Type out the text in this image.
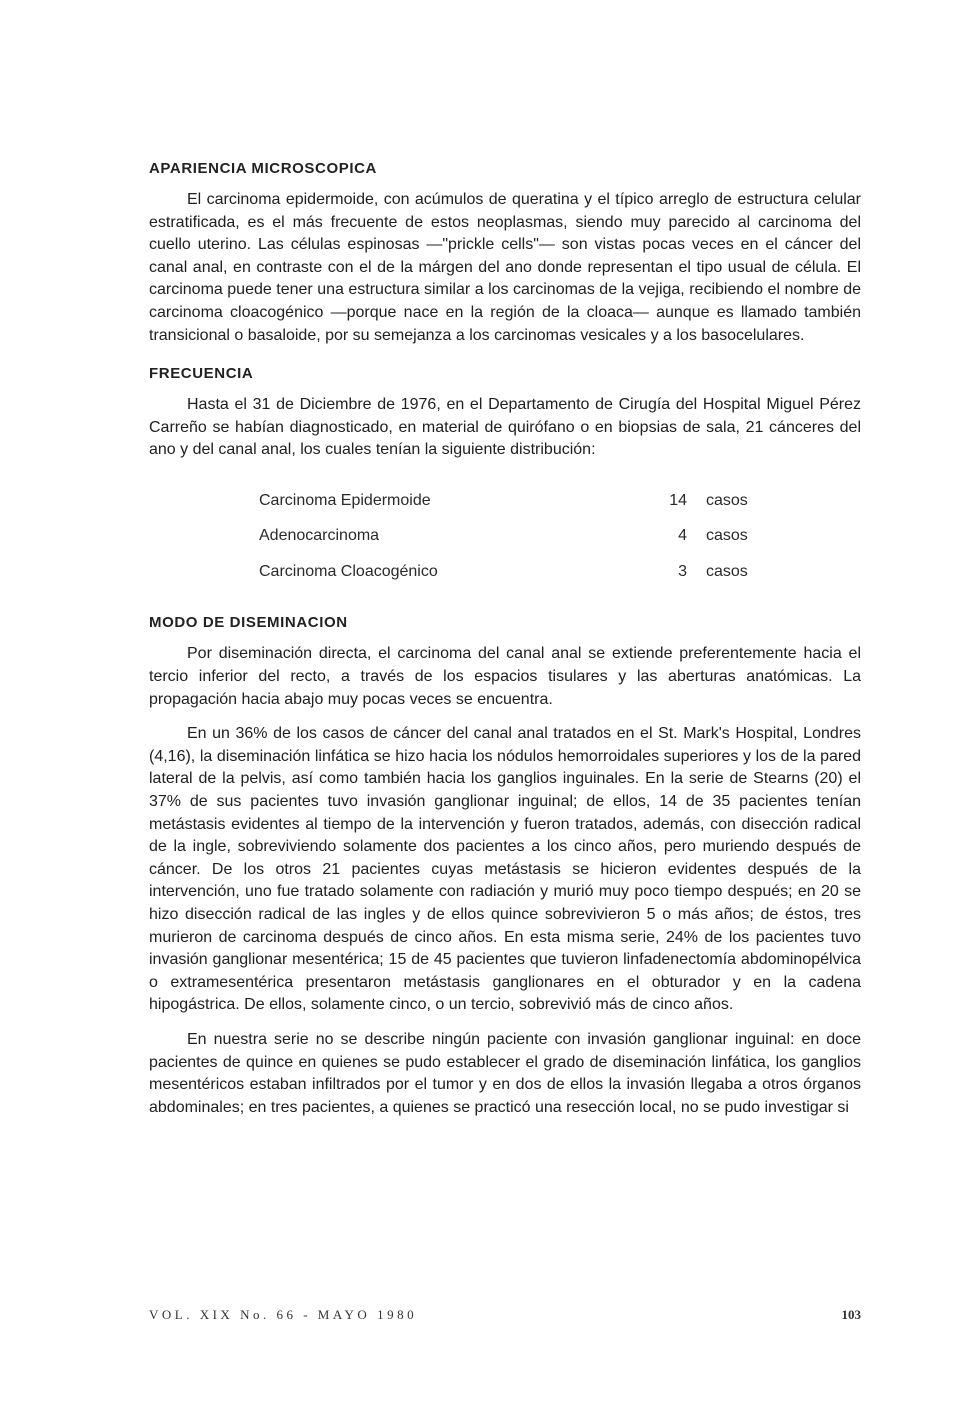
APARIENCIA MICROSCOPICA

El carcinoma epidermoide, con acúmulos de queratina y el típico arreglo de estructura celular estratificada, es el más frecuente de estos neoplasmas, siendo muy parecido al carcinoma del cuello uterino. Las células espinosas —"prickle cells"— son vistas pocas veces en el cáncer del canal anal, en contraste con el de la márgen del ano donde representan el tipo usual de célula. El carcinoma puede tener una estructura similar a los carcinomas de la vejiga, recibiendo el nombre de carcinoma cloacogénico —porque nace en la región de la cloaca— aunque es llamado también transicional o basaloide, por su semejanza a los carcinomas vesicales y a los basocelulares.

FRECUENCIA

Hasta el 31 de Diciembre de 1976, en el Departamento de Cirugía del Hospital Miguel Pérez Carreño se habían diagnosticado, en material de quirófano o en biopsias de sala, 21 cánceres del ano y del canal anal, los cuales tenían la siguiente distribución:

Carcinoma Epidermoide	14 casos
Adenocarcinoma	4 casos
Carcinoma Cloacogénico	3 casos
MODO DE DISEMINACION

Por diseminación directa, el carcinoma del canal anal se extiende preferentemente hacia el tercio inferior del recto, a través de los espacios tisulares y las aberturas anatómicas. La propagación hacia abajo muy pocas veces se encuentra.

En un 36% de los casos de cáncer del canal anal tratados en el St. Mark's Hospital, Londres (4,16), la diseminación linfática se hizo hacia los nódulos hemorroidales superiores y los de la pared lateral de la pelvis, así como también hacia los ganglios inguinales. En la serie de Stearns (20) el 37% de sus pacientes tuvo invasión ganglionar inguinal; de ellos, 14 de 35 pacientes tenían metástasis evidentes al tiempo de la intervención y fueron tratados, además, con disección radical de la ingle, sobreviviendo solamente dos pacientes a los cinco años, pero muriendo después de cáncer. De los otros 21 pacientes cuyas metástasis se hicieron evidentes después de la intervención, uno fue tratado solamente con radiación y murió muy poco tiempo después; en 20 se hizo disección radical de las ingles y de ellos quince sobrevivieron 5 o más años; de éstos, tres murieron de carcinoma después de cinco años. En esta misma serie, 24% de los pacientes tuvo invasión ganglionar mesentérica; 15 de 45 pacientes que tuvieron linfadenectomía abdominopélvica o extramesentérica presentaron metástasis ganglionares en el obturador y en la cadena hipogástrica. De ellos, solamente cinco, o un tercio, sobrevivió más de cinco años.

En nuestra serie no se describe ningún paciente con invasión ganglionar inguinal: en doce pacientes de quince en quienes se pudo establecer el grado de diseminación linfática, los ganglios mesentéricos estaban infiltrados por el tumor y en dos de ellos la invasión llegaba a otros órganos abdominales; en tres pacientes, a quienes se practicó una resección local, no se pudo investigar si

VOL. XIX No. 66 - MAYO 1980	103
